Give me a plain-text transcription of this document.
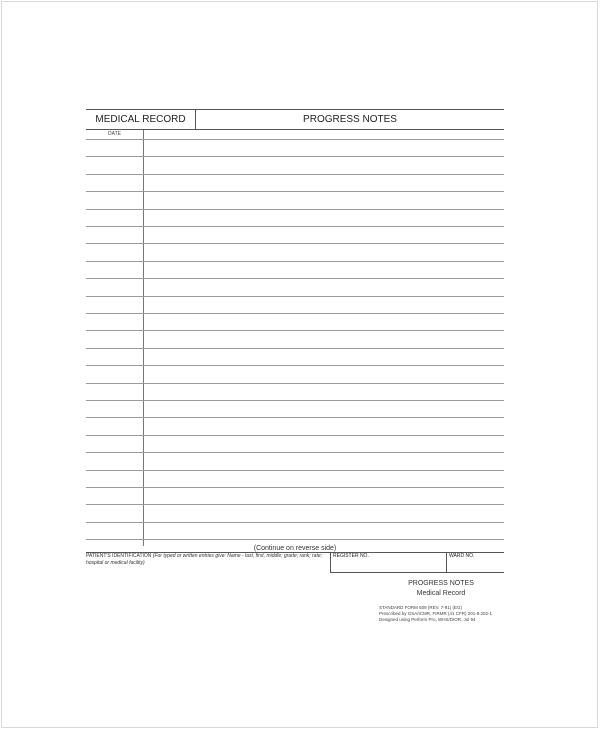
MEDICAL RECORD	PROGRESS NOTES
DATE
(Continue on reverse side)
PATIENT'S IDENTIFICATION (For typed or written entries give: Name - last, first, middle; grade; rank; rate; hospital or medical facility)
REGISTER NO.	WARD NO.
PROGRESS NOTES
Medical Record
STANDARD FORM 509 (REV. 7-91) (EG)
Prescribed by GSA/ICMR, FIRMR (41 CFR) 201-9.202-1
Designed using Perform Pro, WHS/DIOR, Jul 94
